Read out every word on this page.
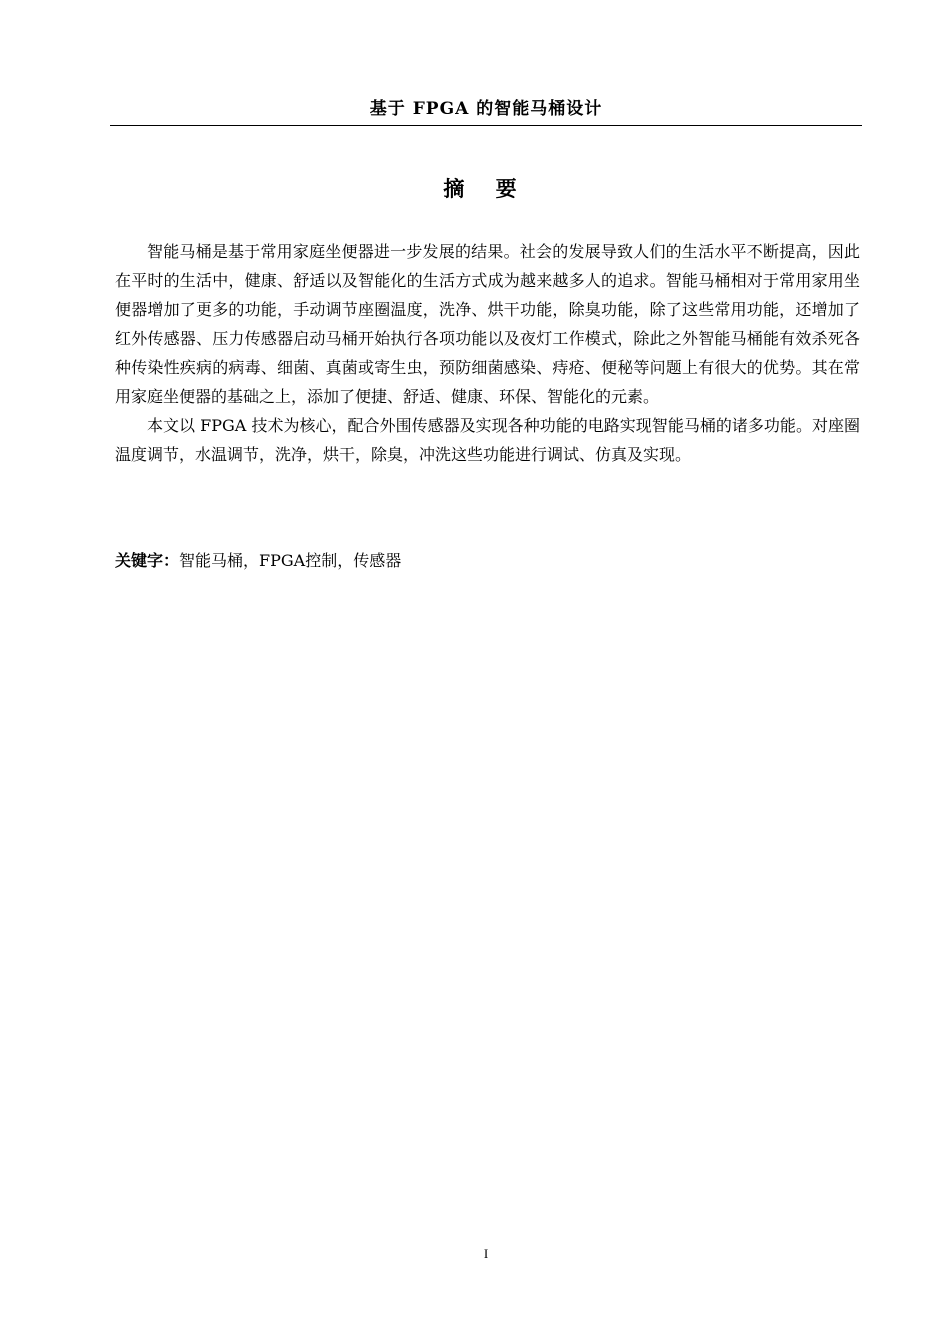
基于 FPGA 的智能马桶设计
摘 要

智能马桶是基于常用家庭坐便器进一步发展的结果。社会的发展导致人们的生活水平不断提高，因此在平时的生活中，健康、舒适以及智能化的生活方式成为越来越多人的追求。智能马桶相对于常用家用坐便器增加了更多的功能，手动调节座圈温度，洗净、烘干功能，除臭功能，除了这些常用功能，还增加了红外传感器、压力传感器启动马桶开始执行各项功能以及夜灯工作模式，除此之外智能马桶能有效杀死各种传染性疾病的病毒、细菌、真菌或寄生虫，预防细菌感染、痔疮、便秘等问题上有很大的优势。其在常用家庭坐便器的基础之上，添加了便捷、舒适、健康、环保、智能化的元素。

本文以 FPGA 技术为核心，配合外围传感器及实现各种功能的电路实现智能马桶的诸多功能。对座圈温度调节，水温调节，洗净，烘干，除臭，冲洗这些功能进行调试、仿真及实现。

关键字：智能马桶，FPGA控制，传感器
I
